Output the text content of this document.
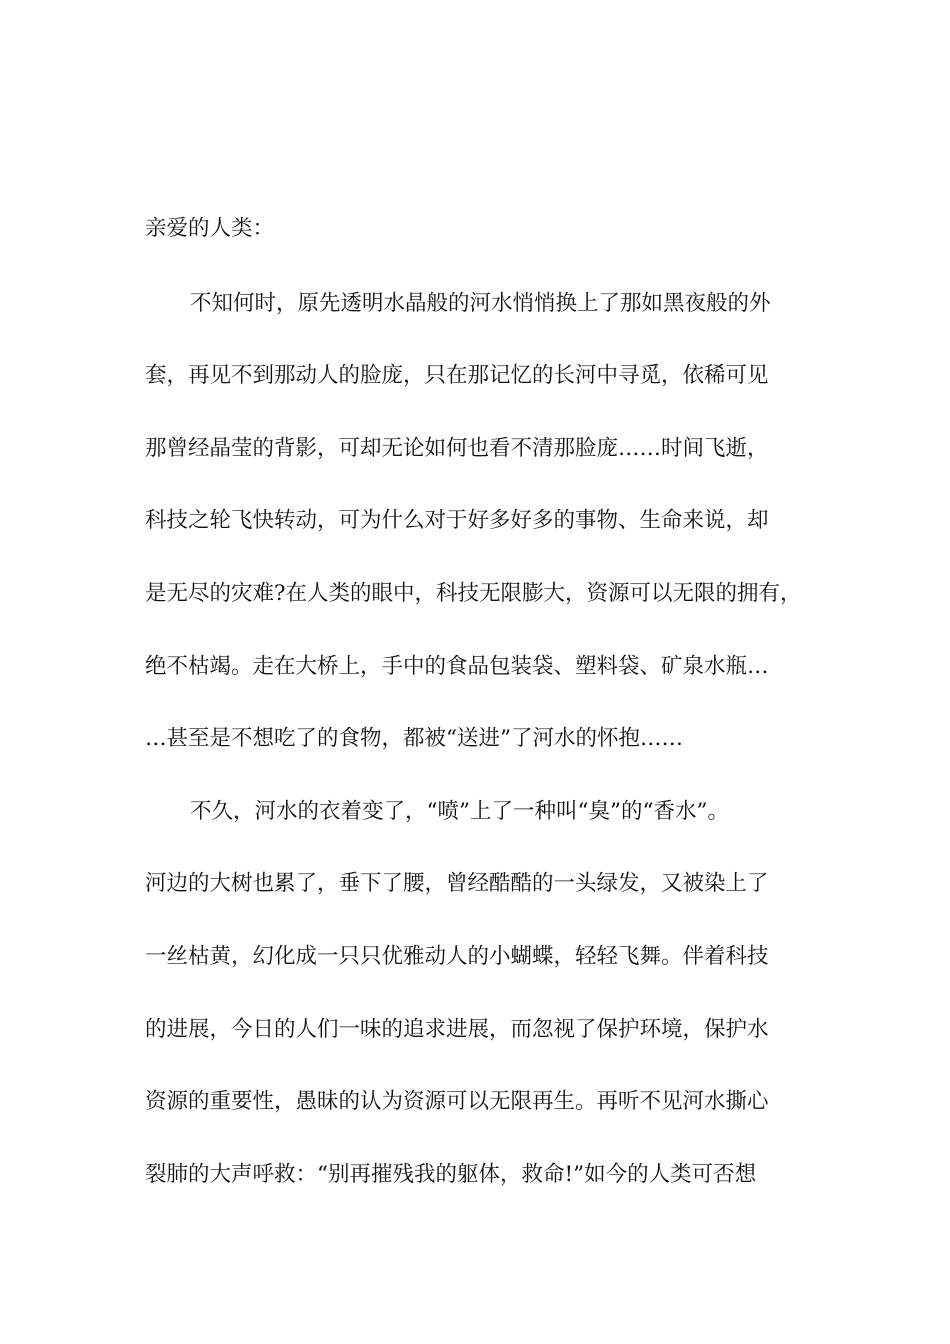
亲爱的人类：

不知何时，原先透明水晶般的河水悄悄换上了那如黑夜般的外

套，再见不到那动人的脸庞，只在那记忆的长河中寻觅，依稀可见

那曾经晶莹的背影，可却无论如何也看不清那脸庞……时间飞逝，

科技之轮飞快转动，可为什么对于好多好多的事物、生命来说，却

是无尽的灾难?在人类的眼中，科技无限膨大，资源可以无限的拥有，

绝不枯竭。走在大桥上，手中的食品包装袋、塑料袋、矿泉水瓶…

…甚至是不想吃了的食物，都被“送进”了河水的怀抱……

不久，河水的衣着变了，“喷”上了一种叫“臭”的“香水”。

河边的大树也累了，垂下了腰，曾经酷酷的一头绿发，又被染上了

一丝枯黄，幻化成一只只优雅动人的小蝴蝶，轻轻飞舞。伴着科技

的进展，今日的人们一味的追求进展，而忽视了保护环境，保护水

资源的重要性，愚昧的认为资源可以无限再生。再听不见河水撕心

裂肺的大声呼救：“别再摧残我的躯体，救命!”如今的人类可否想
